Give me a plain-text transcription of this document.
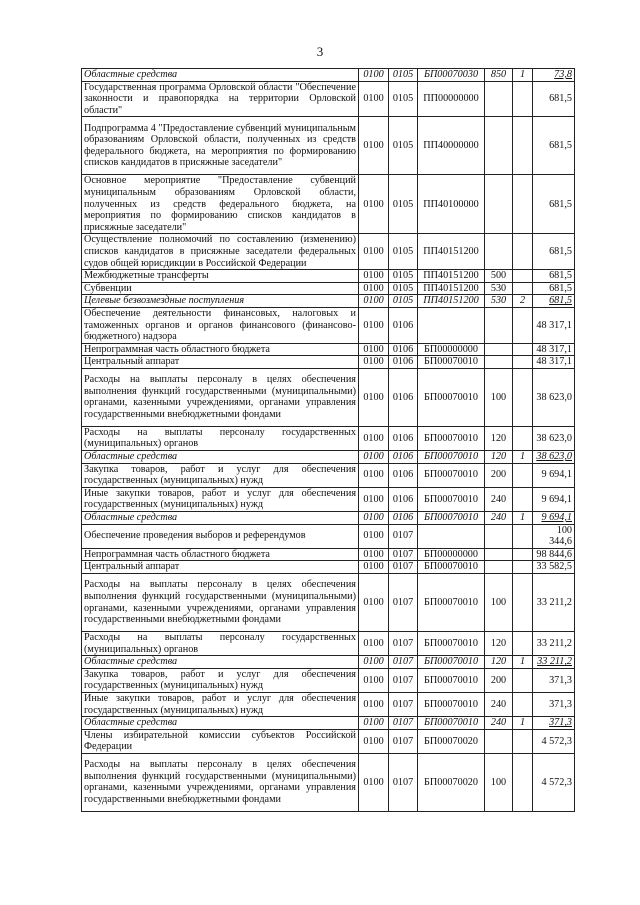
3
Областные средства	0100	0105	БП00070030	850	1	73,8
Государственная программа Орловской области "Обеспечение законности и правопорядка на территории Орловской области"	0100	0105	ПП00000000			681,5
Подпрограмма 4 "Предоставление субвенций муниципальным образованиям Орловской области, полученных из средств федерального бюджета, на мероприятия по формированию списков кандидатов в присяжные заседатели"	0100	0105	ПП40000000			681,5
Основное мероприятие "Предоставление субвенций муниципальным образованиям Орловской области, полученных из средств федерального бюджета, на мероприятия по формированию списков кандидатов в присяжные заседатели"	0100	0105	ПП40100000			681,5
Осуществление полномочий по составлению (изменению) списков кандидатов в присяжные заседатели федеральных судов общей юрисдикции в Российской Федерации	0100	0105	ПП40151200			681,5
Межбюджетные трансферты	0100	0105	ПП40151200	500		681,5
Субвенции	0100	0105	ПП40151200	530		681,5
Целевые безвозмездные поступления	0100	0105	ПП40151200	530	2	681,5
Обеспечение деятельности финансовых, налоговых и таможенных органов и органов финансового (финансово-бюджетного) надзора	0100	0106				48 317,1
Непрограммная часть областного бюджета	0100	0106	БП00000000			48 317,1
Центральный аппарат	0100	0106	БП00070010			48 317,1
Расходы на выплаты персоналу в целях обеспечения выполнения функций государственными (муниципальными) органами, казенными учреждениями, органами управления государственными внебюджетными фондами	0100	0106	БП00070010	100		38 623,0
Расходы на выплаты персоналу государственных (муниципальных) органов	0100	0106	БП00070010	120		38 623,0
Областные средства	0100	0106	БП00070010	120	1	38 623,0
Закупка товаров, работ и услуг для обеспечения государственных (муниципальных) нужд	0100	0106	БП00070010	200		9 694,1
Иные закупки товаров, работ и услуг для обеспечения государственных (муниципальных) нужд	0100	0106	БП00070010	240		9 694,1
Областные средства	0100	0106	БП00070010	240	1	9 694,1
Обеспечение проведения выборов и референдумов	0100	0107				100 344,6
Непрограммная часть областного бюджета	0100	0107	БП00000000			98 844,6
Центральный аппарат	0100	0107	БП00070010			33 582,5
Расходы на выплаты персоналу в целях обеспечения выполнения функций государственными (муниципальными) органами, казенными учреждениями, органами управления государственными внебюджетными фондами	0100	0107	БП00070010	100		33 211,2
Расходы на выплаты персоналу государственных (муниципальных) органов	0100	0107	БП00070010	120		33 211,2
Областные средства	0100	0107	БП00070010	120	1	33 211,2
Закупка товаров, работ и услуг для обеспечения государственных (муниципальных) нужд	0100	0107	БП00070010	200		371,3
Иные закупки товаров, работ и услуг для обеспечения государственных (муниципальных) нужд	0100	0107	БП00070010	240		371,3
Областные средства	0100	0107	БП00070010	240	1	371,3
Члены избирательной комиссии субъектов Российской Федерации	0100	0107	БП00070020			4 572,3
Расходы на выплаты персоналу в целях обеспечения выполнения функций государственными (муниципальными) органами, казенными учреждениями, органами управления государственными внебюджетными фондами	0100	0107	БП00070020	100		4 572,3
